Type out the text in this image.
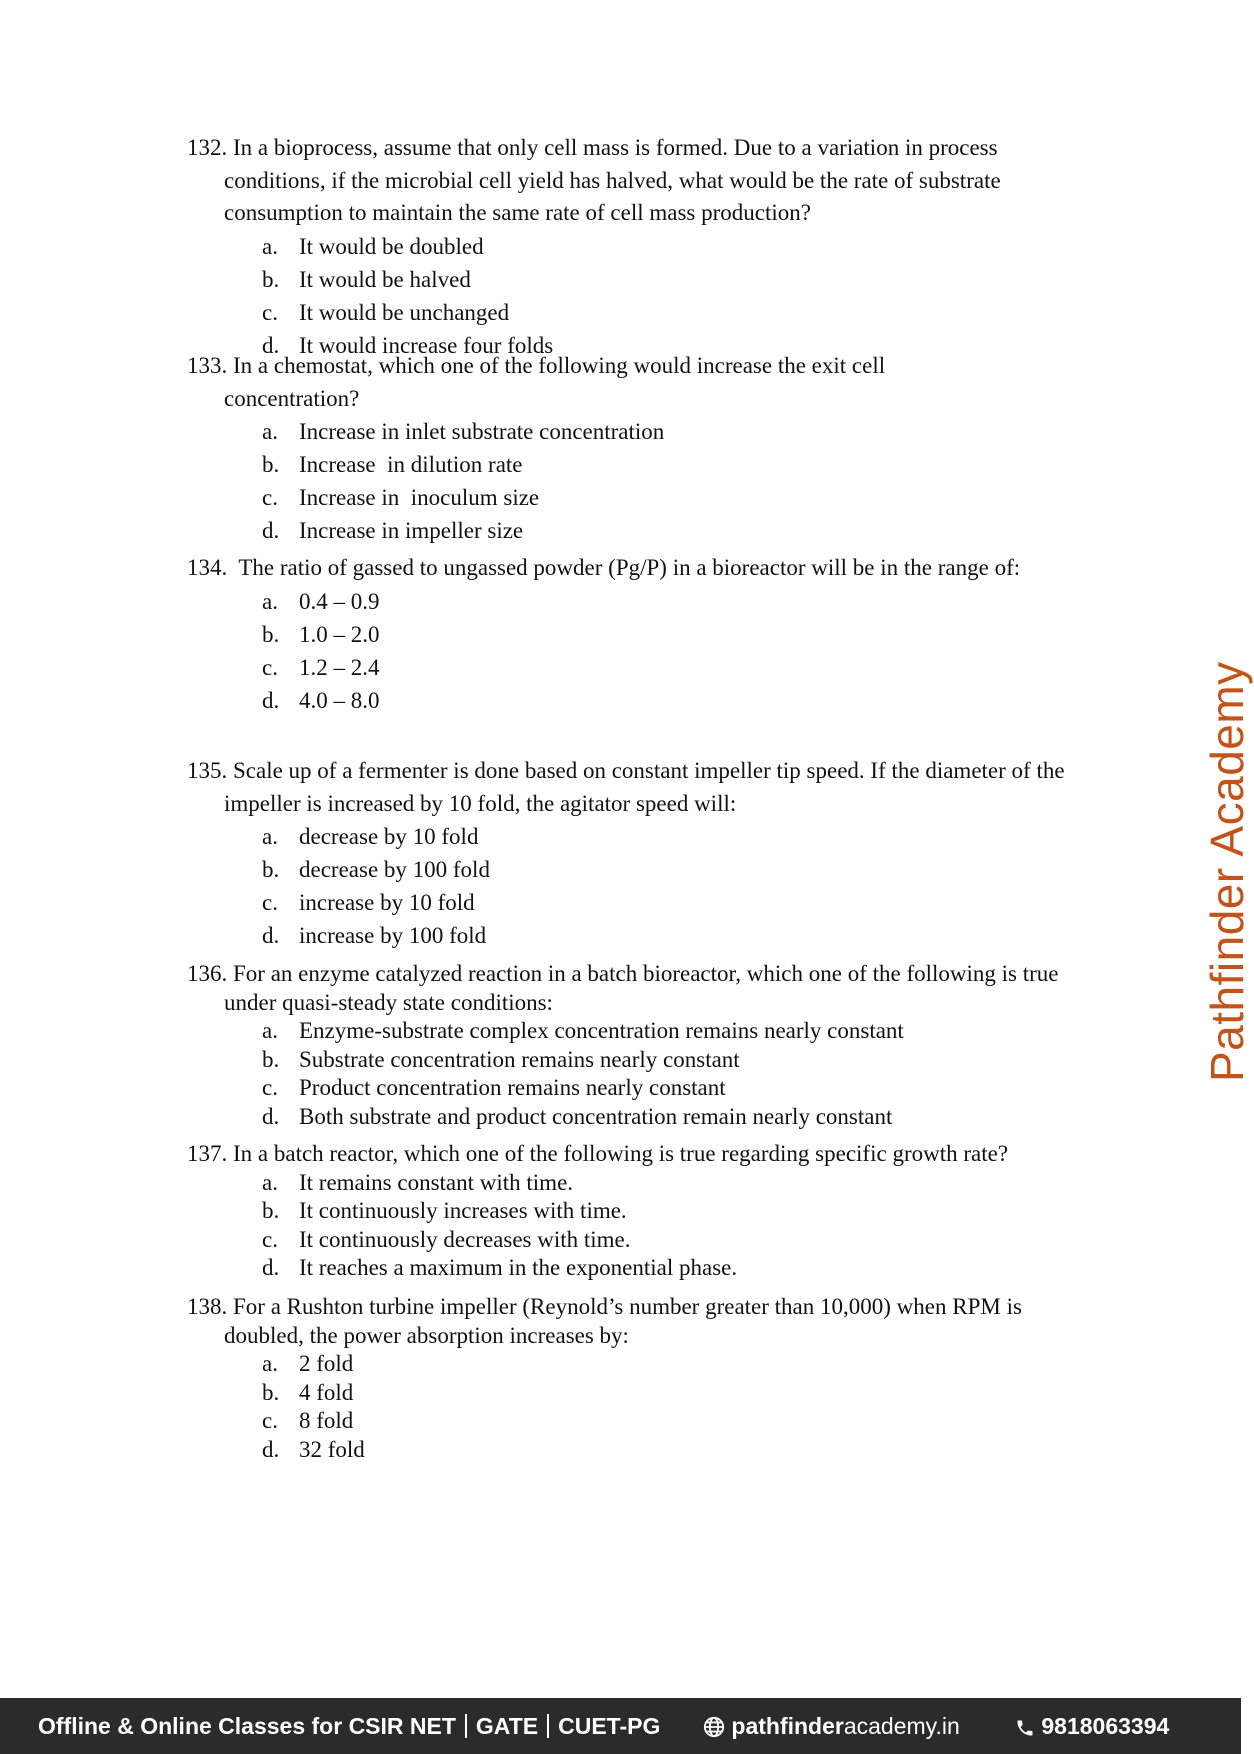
132. In a bioprocess, assume that only cell mass is formed. Due to a variation in process conditions, if the microbial cell yield has halved, what would be the rate of substrate consumption to maintain the same rate of cell mass production?
a. It would be doubled
b. It would be halved
c. It would be unchanged
d. It would increase four folds
133. In a chemostat, which one of the following would increase the exit cell concentration?
a. Increase in inlet substrate concentration
b. Increase  in dilution rate
c. Increase in  inoculum size
d. Increase in impeller size
134.  The ratio of gassed to ungassed powder (Pg/P) in a bioreactor will be in the range of:
a. 0.4 – 0.9
b. 1.0 – 2.0
c. 1.2 – 2.4
d. 4.0 – 8.0
135. Scale up of a fermenter is done based on constant impeller tip speed. If the diameter of the impeller is increased by 10 fold, the agitator speed will:
a. decrease by 10 fold
b. decrease by 100 fold
c. increase by 10 fold
d. increase by 100 fold
136. For an enzyme catalyzed reaction in a batch bioreactor, which one of the following is true under quasi-steady state conditions:
a. Enzyme-substrate complex concentration remains nearly constant
b. Substrate concentration remains nearly constant
c. Product concentration remains nearly constant
d. Both substrate and product concentration remain nearly constant
137. In a batch reactor, which one of the following is true regarding specific growth rate?
a. It remains constant with time.
b. It continuously increases with time.
c. It continuously decreases with time.
d. It reaches a maximum in the exponential phase.
138. For a Rushton turbine impeller (Reynold’s number greater than 10,000) when RPM is doubled, the power absorption increases by:
a. 2 fold
b. 4 fold
c. 8 fold
d. 32 fold
Pathfinder Academy
Offline & Online Classes for CSIR NET GATE CUET-PG	pathfinderacademy.in	9818063394
